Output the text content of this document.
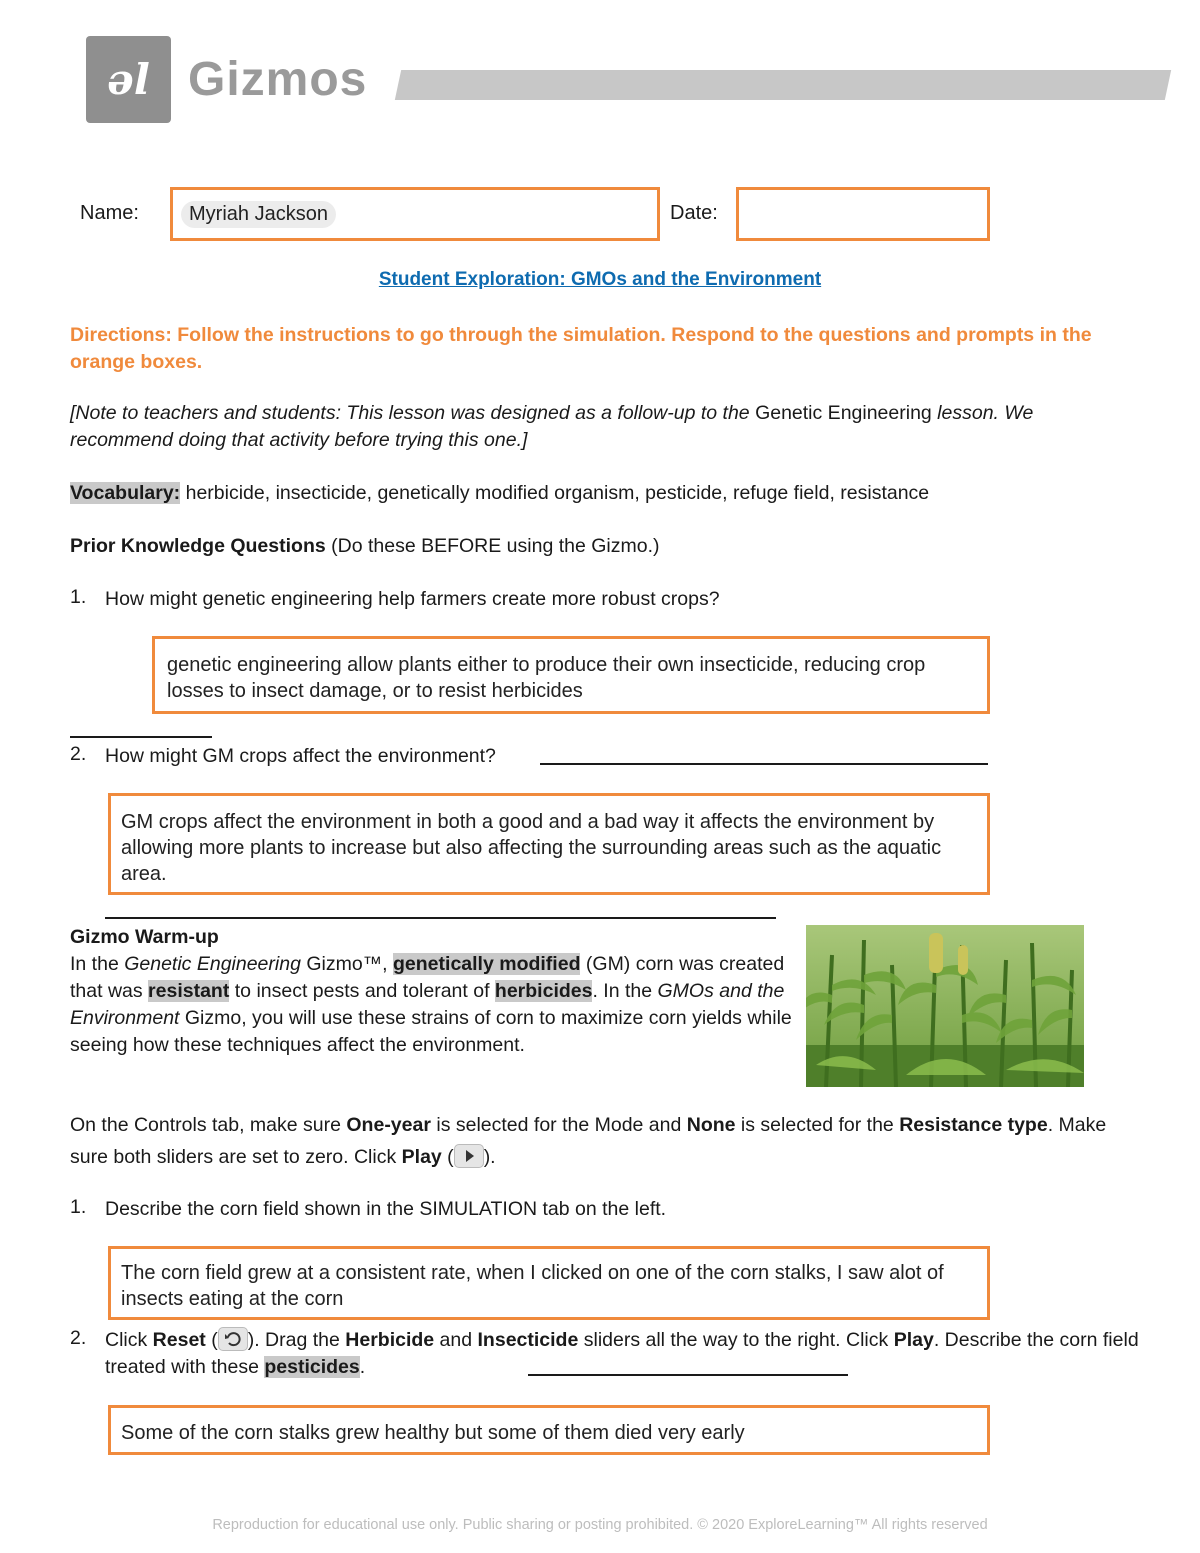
ǝl Gizmos
Name:	Myriah Jackson	Date:
Student Exploration: GMOs and the Environment
Directions: Follow the instructions to go through the simulation. Respond to the questions and prompts in the orange boxes.
[Note to teachers and students: This lesson was designed as a follow-up to the Genetic Engineering lesson. We recommend doing that activity before trying this one.]
Vocabulary: herbicide, insecticide, genetically modified organism, pesticide, refuge field, resistance
Prior Knowledge Questions (Do these BEFORE using the Gizmo.)
1. How might genetic engineering help farmers create more robust crops?
genetic engineering allow plants either to produce their own insecticide, reducing crop losses to insect damage, or to resist herbicides
2. How might GM crops affect the environment?
GM crops affect the environment in both a good and a bad way it affects the environment by allowing more plants to increase but also affecting the surrounding areas such as the aquatic area.
Gizmo Warm-up
In the Genetic Engineering Gizmo™, genetically modified (GM) corn was created that was resistant to insect pests and tolerant of herbicides. In the GMOs and the Environment Gizmo, you will use these strains of corn to maximize corn yields while seeing how these techniques affect the environment.
On the Controls tab, make sure One-year is selected for the Mode and None is selected for the Resistance type. Make sure both sliders are set to zero. Click Play ( ).
1. Describe the corn field shown in the SIMULATION tab on the left.
The corn field grew at a consistent rate, when I clicked on one of the corn stalks, I saw alot of insects eating at the corn
2. Click Reset ( ). Drag the Herbicide and Insecticide sliders all the way to the right. Click Play. Describe the corn field treated with these pesticides.
Some of the corn stalks grew healthy but some of them died very early
Reproduction for educational use only. Public sharing or posting prohibited. © 2020 ExploreLearning™ All rights reserved
